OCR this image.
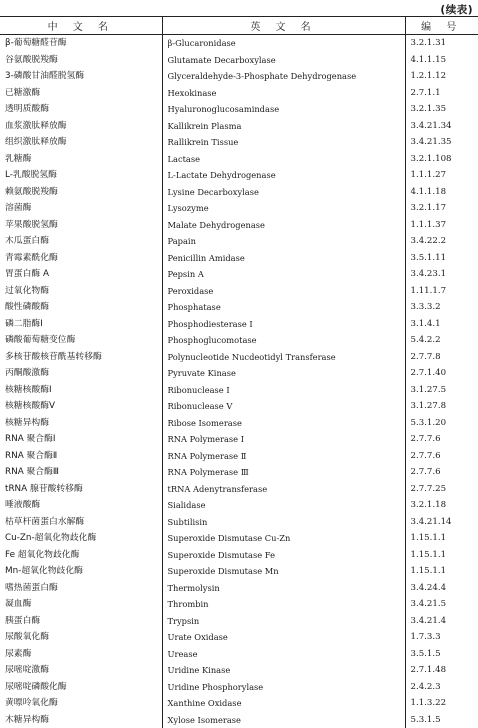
(续表)
中 文 名	英 文 名	编 号
β-葡萄糖醛苷酶	β-Glucaronidase	3.2.1.31
谷氨酸脱羧酶	Glutamate Decarboxylase	4.1.1.15
3-磷酸甘油醛脱氢酶	Glyceraldehyde-3-Phosphate Dehydrogenase	1.2.1.12
已糖激酶	Hexokinase	2.7.1.1
透明质酸酶	Hyaluronoglucosamindase	3.2.1.35
血浆激肽释放酶	Kallikrein Plasma	3.4.21.34
组织激肽释放酶	Rallikrein Tissue	3.4.21.35
乳糖酶	Lactase	3.2.1.108
L-乳酸脱氢酶	L-Lactate Dehydrogenase	1.1.1.27
赖氨酸脱羧酶	Lysine Decarboxylase	4.1.1.18
溶菌酶	Lysozyme	3.2.1.17
苹果酸脱氢酶	Malate Dehydrogenase	1.1.1.37
木瓜蛋白酶	Papain	3.4.22.2
青霉素酰化酶	Penicillin Amidase	3.5.1.11
胃蛋白酶 A	Pepsin A	3.4.23.1
过氧化物酶	Peroxidase	1.11.1.7
酸性磷酸酶	Phosphatase	3.3.3.2
磷二脂酶Ⅰ	Phosphodiesterase Ⅰ	3.1.4.1
磷酸葡萄糖变位酶	Phosphoglucomotase	5.4.2.2
多核苷酸核苷酰基转移酶	Polynucleotide Nucdeotidyl Transferase	2.7.7.8
丙酮酸激酶	Pyruvate Kinase	2.7.1.40
核糖核酸酶Ⅰ	Ribonuclease Ⅰ	3.1.27.5
核糖核酸酶Ⅴ	Ribonuclease Ⅴ	3.1.27.8
核糖异构酶	Ribose Isomerase	5.3.1.20
RNA 聚合酶Ⅰ	RNA Polymerase Ⅰ	2.7.7.6
RNA 聚合酶Ⅱ	RNA Polymerase Ⅱ	2.7.7.6
RNA 聚合酶Ⅲ	RNA Polymerase Ⅲ	2.7.7.6
tRNA 腺苷酸转移酶	tRNA Adenytransferase	2.7.7.25
唾液酸酶	Sialidase	3.2.1.18
枯草杆菌蛋白水解酶	Subtilisin	3.4.21.14
Cu-Zn-超氧化物歧化酶	Superoxide Dismutase Cu-Zn	1.15.1.1
Fe 超氧化物歧化酶	Superoxide Dismutase Fe	1.15.1.1
Mn-超氧化物歧化酶	Superoxide Dismutase Mn	1.15.1.1
嗜热菌蛋白酶	Thermolysin	3.4.24.4
凝血酶	Thrombin	3.4.21.5
胰蛋白酶	Trypsin	3.4.21.4
尿酸氧化酶	Urate Oxidase	1.7.3.3
尿素酶	Urease	3.5.1.5
尿嘧啶激酶	Uridine Kinase	2.7.1.48
尿嘧啶磷酸化酶	Uridine Phosphorylase	2.4.2.3
黄嘌呤氧化酶	Xanthine Oxidase	1.1.3.22
木糖异构酶	Xylose Isomerase	5.3.1.5
